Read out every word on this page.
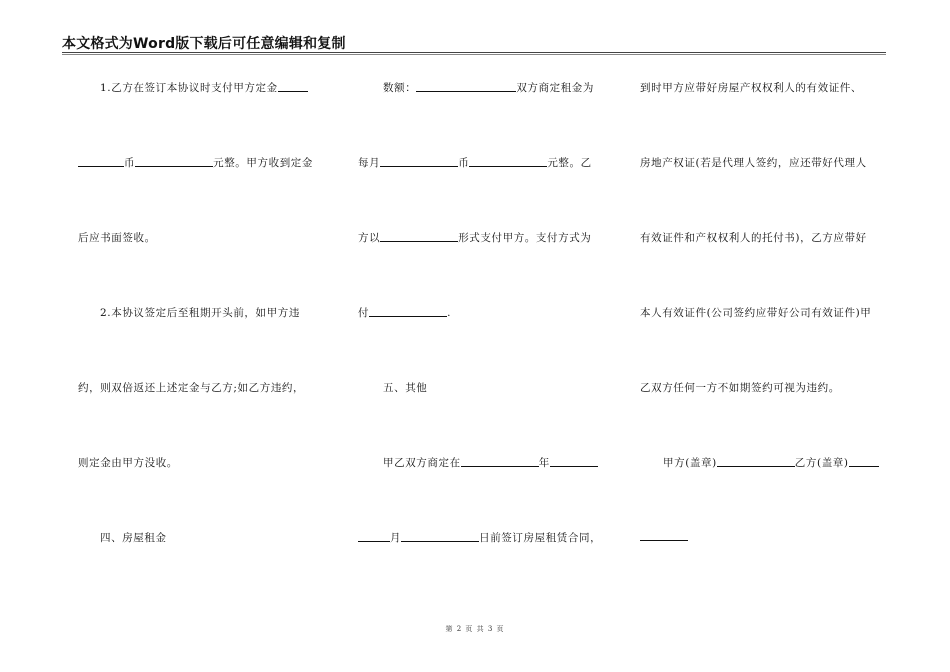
本文格式为Word版下载后可任意编辑和复制
1.乙方在签订本协议时支付甲方定金
币	元整。甲方收到定金
后应书面签收。
2.本协议签定后至租期开头前，如甲方违
约，则双倍返还上述定金与乙方;如乙方违约，
则定金由甲方没收。
四、房屋租金
数额：	双方商定租金为
每月	币	元整。乙
方以	形式支付甲方。支付方式为
付	.
五、其他
甲乙双方商定在	年
月	日前签订房屋租赁合同，
到时甲方应带好房屋产权权利人的有效证件、
房地产权证(若是代理人签约，应还带好代理人
有效证件和产权权利人的托付书)，乙方应带好
本人有效证件(公司签约应带好公司有效证件)甲
乙双方任何一方不如期签约可视为违约。
甲方(盖章)	乙方(盖章)
第 2 页 共 3 页
